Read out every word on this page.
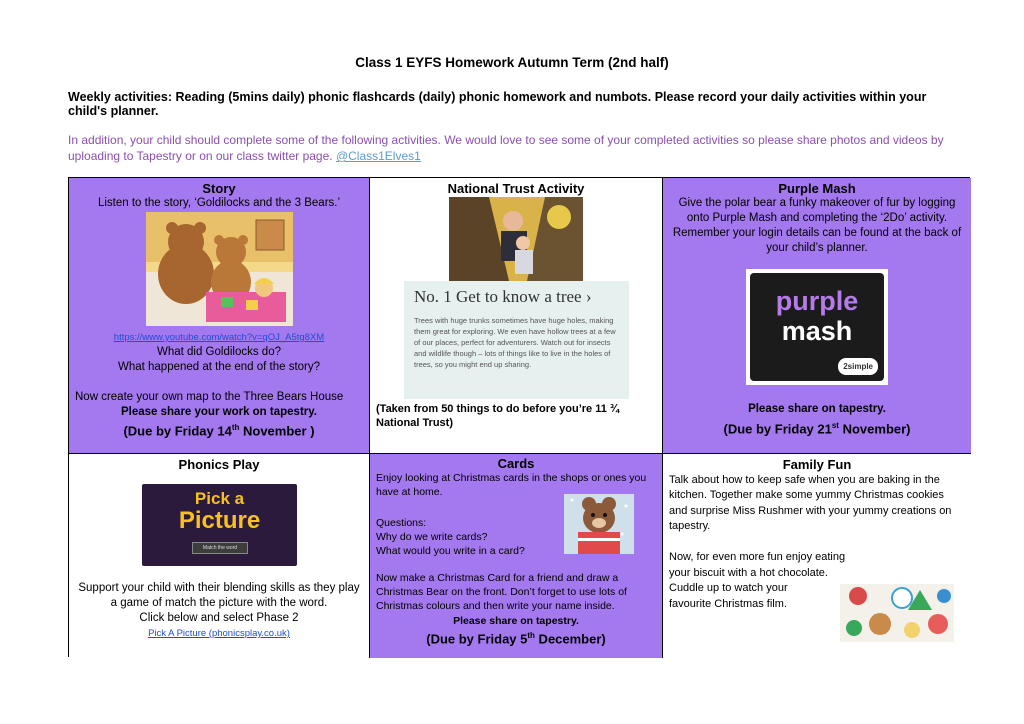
Class 1 EYFS Homework Autumn Term (2nd half)
Weekly activities: Reading (5mins daily) phonic flashcards (daily) phonic homework and numbots. Please record your daily activities within your child's planner.
In addition, your child should complete some of the following activities. We would love to see some of your completed activities so please share photos and videos by uploading to Tapestry or on our class twitter page. @Class1Elves1
Story
Listen to the story, ‘Goldilocks and the 3 Bears.’
https://www.youtube.com/watch?v=qOJ_A5tg8XM
What did Goldilocks do?
What happened at the end of the story?
Now create your own map to the Three Bears House
Please share your work on tapestry.
(Due by Friday 14th November )
National Trust Activity
No. 1 Get to know a tree ›
Trees with huge trunks sometimes have huge holes, making them great for exploring. We even have hollow trees at a few of our places, perfect for adventurers. Watch out for insects and wildlife though – lots of things like to live in the holes of trees, so you might end up sharing.
(Taken from 50 things to do before you’re 11 ¾ National Trust)
Purple Mash
Give the polar bear a funky makeover of fur by logging onto Purple Mash and completing the ‘2Do’ activity. Remember your login details can be found at the back of your child’s planner.
purple
mash
2simple
Please share on tapestry.
(Due by Friday 21st November)
Phonics Play
Pick a
Picture
Match the word
Support your child with their blending skills as they play a game of match the picture with the word.
Click below and select Phase 2
Pick A Picture (phonicsplay.co.uk)
Cards
Enjoy looking at Christmas cards in the shops or ones you have at home.
Questions:
Why do we write cards?
What would you write in a card?
Now make a Christmas Card for a friend and draw a Christmas Bear on the front. Don’t forget to use lots of Christmas colours and then write your name inside.
Please share on tapestry.
(Due by Friday 5th December)
Family Fun
Talk about how to keep safe when you are baking in the kitchen. Together make some yummy Christmas cookies and surprise Miss Rushmer with your yummy creations on tapestry.
Now, for even more fun enjoy eating
your biscuit with a hot chocolate.
Cuddle up to watch your
favourite Christmas film.
